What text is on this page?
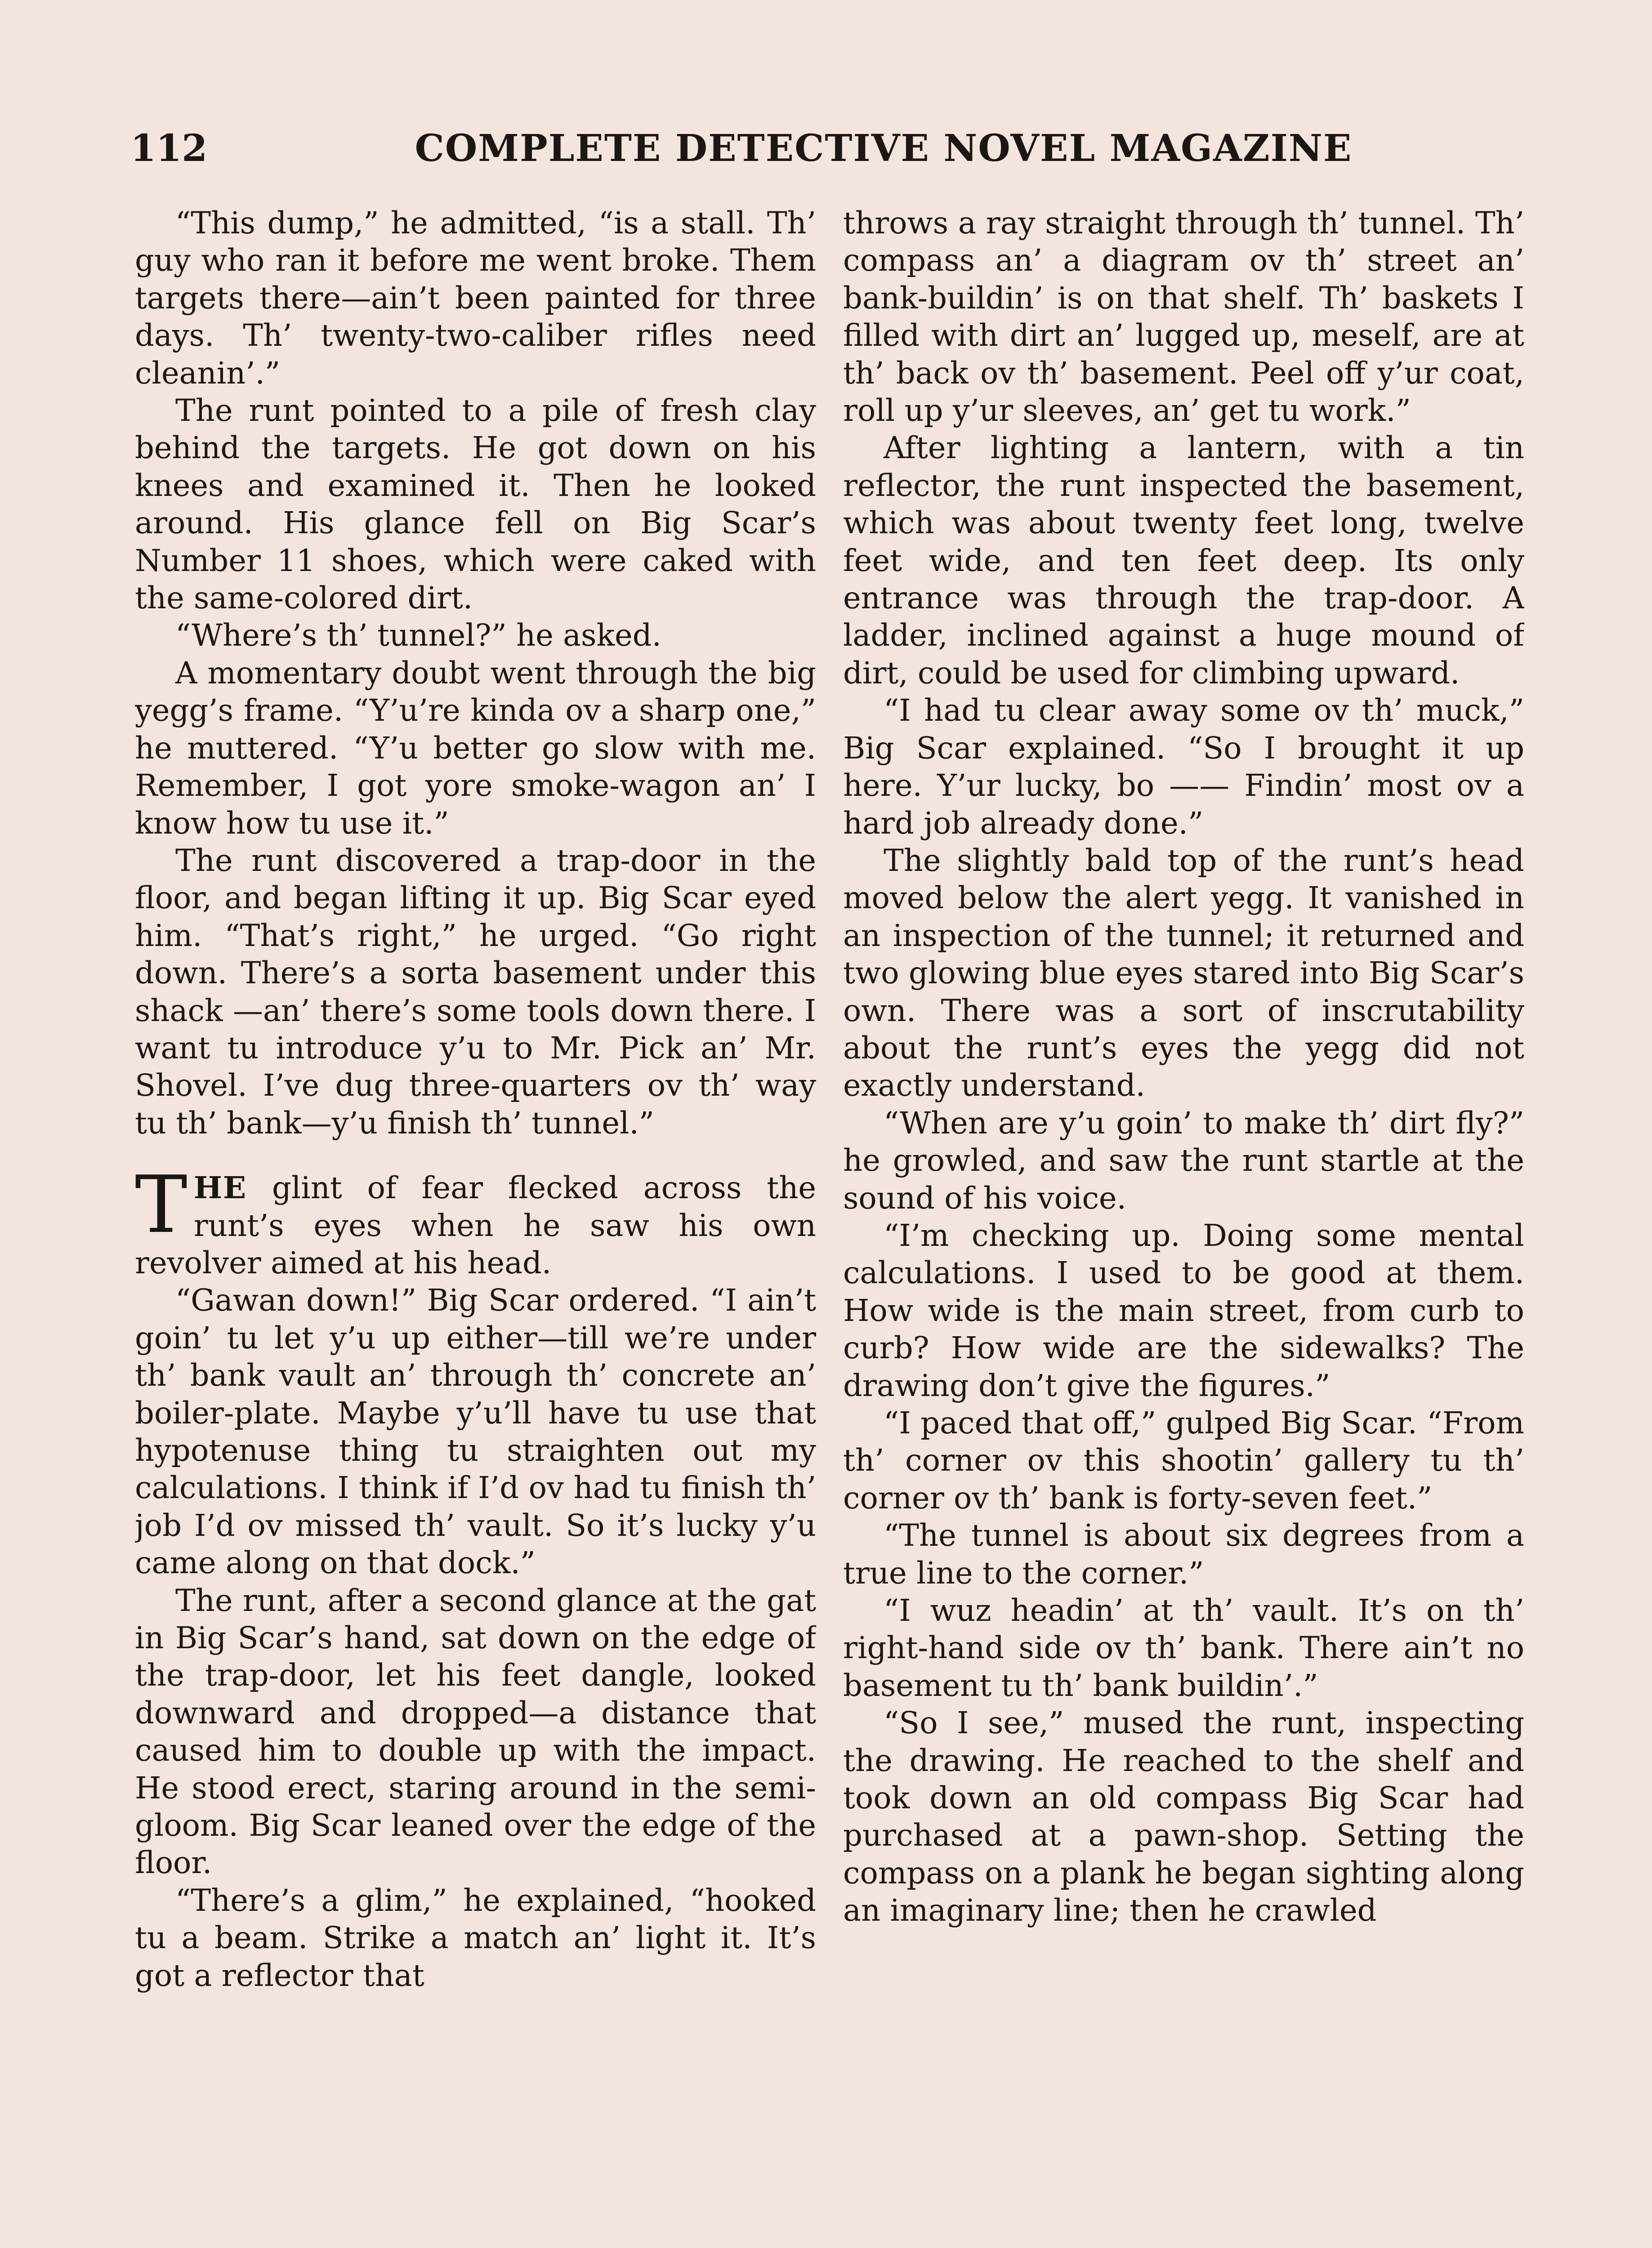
112	COMPLETE DETECTIVE NOVEL MAGAZINE

“This dump,” he admitted, “is a stall. Th’ guy who ran it before me went broke. Them targets there—ain’t been painted for three days. Th’ twenty-two-caliber rifles need cleanin’.”

The runt pointed to a pile of fresh clay behind the targets. He got down on his knees and examined it. Then he looked around. His glance fell on Big Scar’s Number 11 shoes, which were caked with the same-colored dirt.

“Where’s th’ tunnel?” he asked.

A momentary doubt went through the big yegg’s frame. “Y’u’re kinda ov a sharp one,” he muttered. “Y’u better go slow with me. Remember, I got yore smoke-wagon an’ I know how tu use it.”

The runt discovered a trap-door in the floor, and began lifting it up. Big Scar eyed him. “That’s right,” he urged. “Go right down. There’s a sorta basement under this shack —an’ there’s some tools down there. I want tu introduce y’u to Mr. Pick an’ Mr. Shovel. I’ve dug three-quarters ov th’ way tu th’ bank—y’u finish th’ tunnel.”

THE glint of fear flecked across the runt’s eyes when he saw his own revolver aimed at his head.

“Gawan down!” Big Scar ordered. “I ain’t goin’ tu let y’u up either—till we’re under th’ bank vault an’ through th’ concrete an’ boiler-plate. Maybe y’u’ll have tu use that hypotenuse thing tu straighten out my calculations. I think if I’d ov had tu finish th’ job I’d ov missed th’ vault. So it’s lucky y’u came along on that dock.”

The runt, after a second glance at the gat in Big Scar’s hand, sat down on the edge of the trap-door, let his feet dangle, looked downward and dropped—a distance that caused him to double up with the impact. He stood erect, staring around in the semi-gloom. Big Scar leaned over the edge of the floor.

“There’s a glim,” he explained, “hooked tu a beam. Strike a match an’ light it. It’s got a reflector that

throws a ray straight through th’ tunnel. Th’ compass an’ a diagram ov th’ street an’ bank-buildin’ is on that shelf. Th’ baskets I filled with dirt an’ lugged up, meself, are at th’ back ov th’ basement. Peel off y’ur coat, roll up y’ur sleeves, an’ get tu work.”

After lighting a lantern, with a tin reflector, the runt inspected the basement, which was about twenty feet long, twelve feet wide, and ten feet deep. Its only entrance was through the trap-door. A ladder, inclined against a huge mound of dirt, could be used for climbing upward.

“I had tu clear away some ov th’ muck,” Big Scar explained. “So I brought it up here. Y’ur lucky, bo —— Findin’ most ov a hard job already done.”

The slightly bald top of the runt’s head moved below the alert yegg. It vanished in an inspection of the tunnel; it returned and two glowing blue eyes stared into Big Scar’s own. There was a sort of inscrutability about the runt’s eyes the yegg did not exactly understand.

“When are y’u goin’ to make th’ dirt fly?” he growled, and saw the runt startle at the sound of his voice.

“I’m checking up. Doing some mental calculations. I used to be good at them. How wide is the main street, from curb to curb? How wide are the sidewalks? The drawing don’t give the figures.”

“I paced that off,” gulped Big Scar. “From th’ corner ov this shootin’ gallery tu th’ corner ov th’ bank is forty-seven feet.”

“The tunnel is about six degrees from a true line to the corner.”

“I wuz headin’ at th’ vault. It’s on th’ right-hand side ov th’ bank. There ain’t no basement tu th’ bank buildin’.”

“So I see,” mused the runt, inspecting the drawing. He reached to the shelf and took down an old compass Big Scar had purchased at a pawn-shop. Setting the compass on a plank he began sighting along an imaginary line; then he crawled
